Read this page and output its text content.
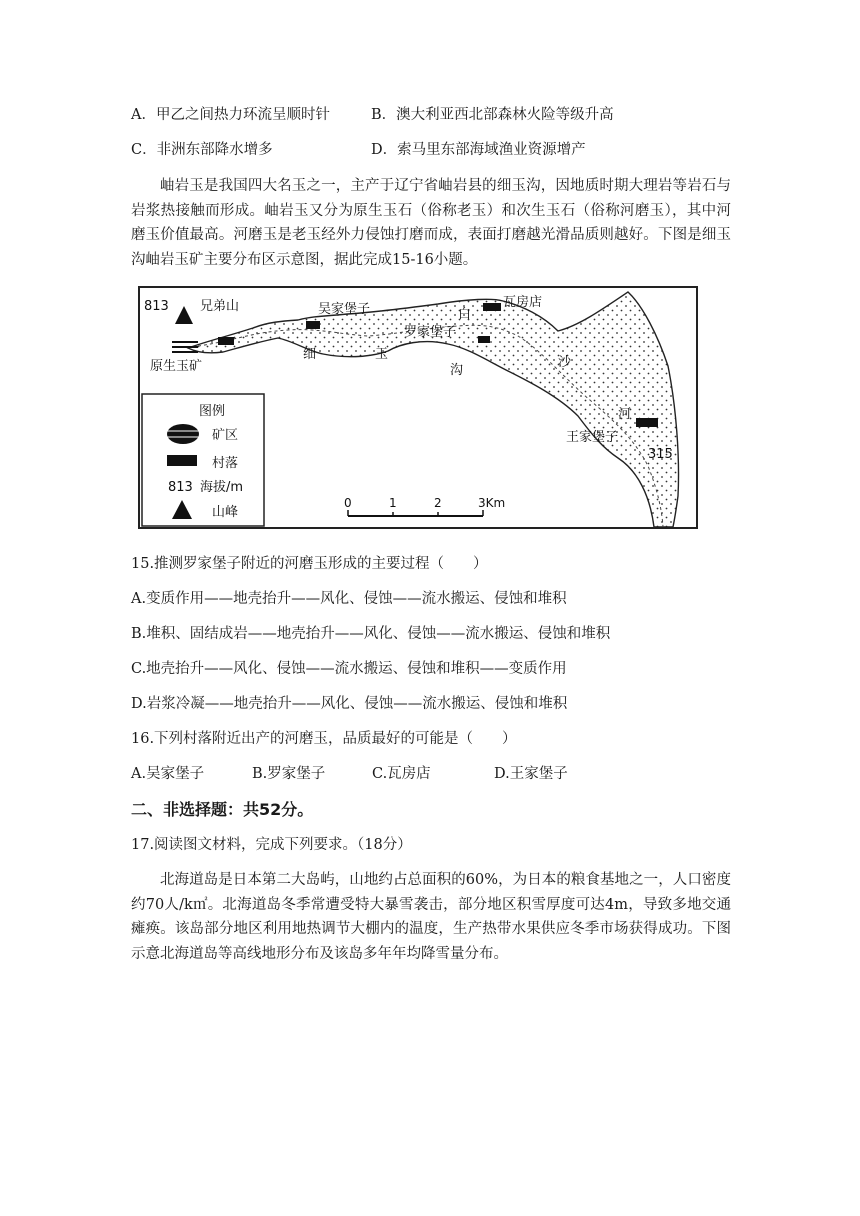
A．甲乙之间热力环流呈顺时针	B．澳大利亚西北部森林火险等级升高
C．非洲东部降水增多	D．索马里东部海域渔业资源增产
岫岩玉是我国四大名玉之一，主产于辽宁省岫岩县的细玉沟，因地质时期大理岩等岩石与岩浆热接触而形成。岫岩玉又分为原生玉石（俗称老玉）和次生玉石（俗称河磨玉），其中河磨玉价值最高。河磨玉是老玉经外力侵蚀打磨而成，表面打磨越光滑品质则越好。下图是细玉沟岫岩玉矿主要分布区示意图，据此完成15-16小题。
813 兄弟山
原生玉矿
吴家堡子	白
瓦房店
罗家堡子
王家堡子
315
细	玉
沟
沙
河
图例
矿区
村落
813 海拔/m
山峰
0	1	2	3Km
15.推测罗家堡子附近的河磨玉形成的主要过程（　　）
A.变质作用——地壳抬升——风化、侵蚀——流水搬运、侵蚀和堆积
B.堆积、固结成岩——地壳抬升——风化、侵蚀——流水搬运、侵蚀和堆积
C.地壳抬升——风化、侵蚀——流水搬运、侵蚀和堆积——变质作用
D.岩浆冷凝——地壳抬升——风化、侵蚀——流水搬运、侵蚀和堆积
16.下列村落附近出产的河磨玉，品质最好的可能是（　　）
A.吴家堡子	B.罗家堡子	C.瓦房店	D.王家堡子
二、非选择题：共52分。
17.阅读图文材料，完成下列要求。（18分）
北海道岛是日本第二大岛屿，山地约占总面积的60%，为日本的粮食基地之一，人口密度约70人/k㎡。北海道岛冬季常遭受特大暴雪袭击，部分地区积雪厚度可达4m，导致多地交通瘫痪。该岛部分地区利用地热调节大棚内的温度，生产热带水果供应冬季市场获得成功。下图示意北海道岛等高线地形分布及该岛多年年均降雪量分布。
